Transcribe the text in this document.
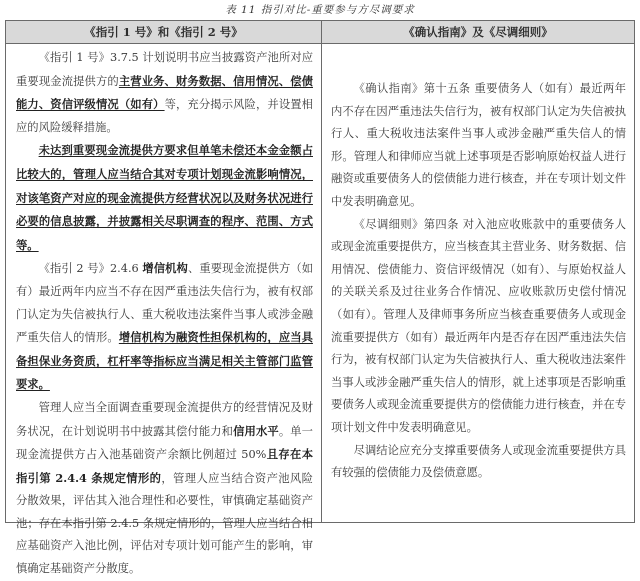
表 11 指引对比-重要参与方尽调要求
《指引 1 号》和《指引 2 号》	《确认指南》及《尽调细则》

《指引 1 号》3.7.5 计划说明书应当披露资产池所对应重要现金流提供方的主营业务、财务数据、信用情况、偿债能力、资信评级情况（如有）等，充分揭示风险，并设置相应的风险缓释措施。

未达到重要现金流提供方要求但单笔未偿还本金金额占比较大的，管理人应当结合其对专项计划现金流影响情况，对该笔资产对应的现金流提供方经营状况以及财务状况进行必要的信息披露，并披露相关尽职调查的程序、范围、方式等。

《指引 2 号》2.4.6 增信机构、重要现金流提供方（如有）最近两年内应当不存在因严重违法失信行为，被有权部门认定为失信被执行人、重大税收违法案件当事人或涉金融严重失信人的情形。增信机构为融资性担保机构的，应当具备担保业务资质，杠杆率等指标应当满足相关主管部门监管要求。

管理人应当全面调查重要现金流提供方的经营情况及财务状况，在计划说明书中披露其偿付能力和信用水平。单一现金流提供方占入池基础资产余额比例超过 50%且存在本指引第 2.4.4 条规定情形的，管理人应当结合资产池风险分散效果，评估其入池合理性和必要性，审慎确定基础资产池；存在本指引第 2.4.5 条规定情形的，管理人应当结合相应基础资产入池比例，评估对专项计划可能产生的影响，审慎确定基础资产分散度。

《确认指南》第十五条 重要债务人（如有）最近两年内不存在因严重违法失信行为，被有权部门认定为失信被执行人、重大税收违法案件当事人或涉金融严重失信人的情形。管理人和律师应当就上述事项是否影响原始权益人进行融资或重要债务人的偿债能力进行核查，并在专项计划文件中发表明确意见。

《尽调细则》第四条 对入池应收账款中的重要债务人或现金流重要提供方，应当核查其主营业务、财务数据、信用情况、偿债能力、资信评级情况（如有）、与原始权益人的关联关系及过往业务合作情况、应收账款历史偿付情况（如有）。管理人及律师事务所应当核查重要债务人或现金流重要提供方（如有）最近两年内是否存在因严重违法失信行为，被有权部门认定为失信被执行人、重大税收违法案件当事人或涉金融严重失信人的情形，就上述事项是否影响重要债务人或现金流重要提供方的偿债能力进行核查，并在专项计划文件中发表明确意见。

尽调结论应充分支撑重要债务人或现金流重要提供方具有较强的偿债能力及偿债意愿。
